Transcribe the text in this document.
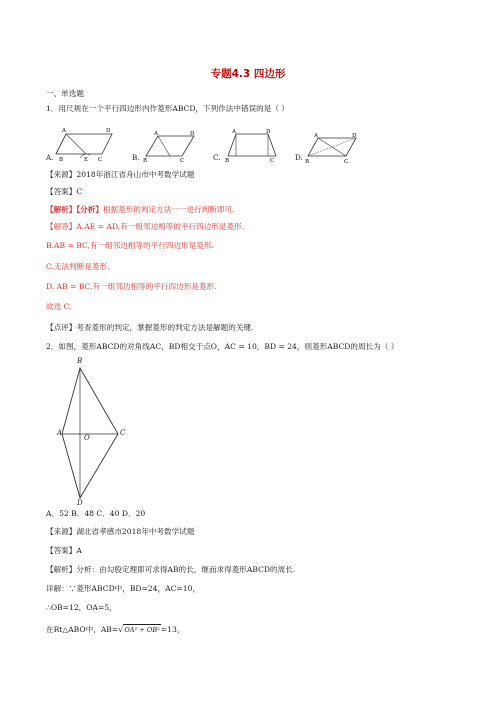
专题4.3 四边形
一、单选题
1．用尺规在一个平行四边形内作菱形ABCD，下列作法中错误的是（ ）
A	D
B	E C
A.
A	D
B	C
B.
A	D
B	C
C.
A	D
B	C
D.
【来源】2018年浙江省舟山市中考数学试题
【答案】C
【解析】【分析】根据菱形的判定方法一一进行判断即可.
【解答】A.AE = AD,有一组邻边相等的平行四边形是菱形.
B.AB = BC,有一组邻边相等的平行四边形是菱形.
C.无法判断是菱形.
D. AB = BC,有一组邻边相等的平行四边形是菱形.
故选 C.
【点评】考查菱形的判定，掌握菱形的判定方法是解题的关键.
2．如图，菱形ABCD的对角线AC，BD相交于点O，AC = 10，BD = 24，则菱形ABCD的周长为（ ）
B
A	C
O
D
A．52 B．48 C．40 D．20
【来源】湖北省孝感市2018年中考数学试题
【答案】A
【解析】分析：由勾股定理即可求得AB的长，继而求得菱形ABCD的周长.
详解：∵菱形ABCD中，BD=24，AC=10，
∴OB=12，OA=5，
在Rt△ABO中，AB=√OA² + OB²=13，
